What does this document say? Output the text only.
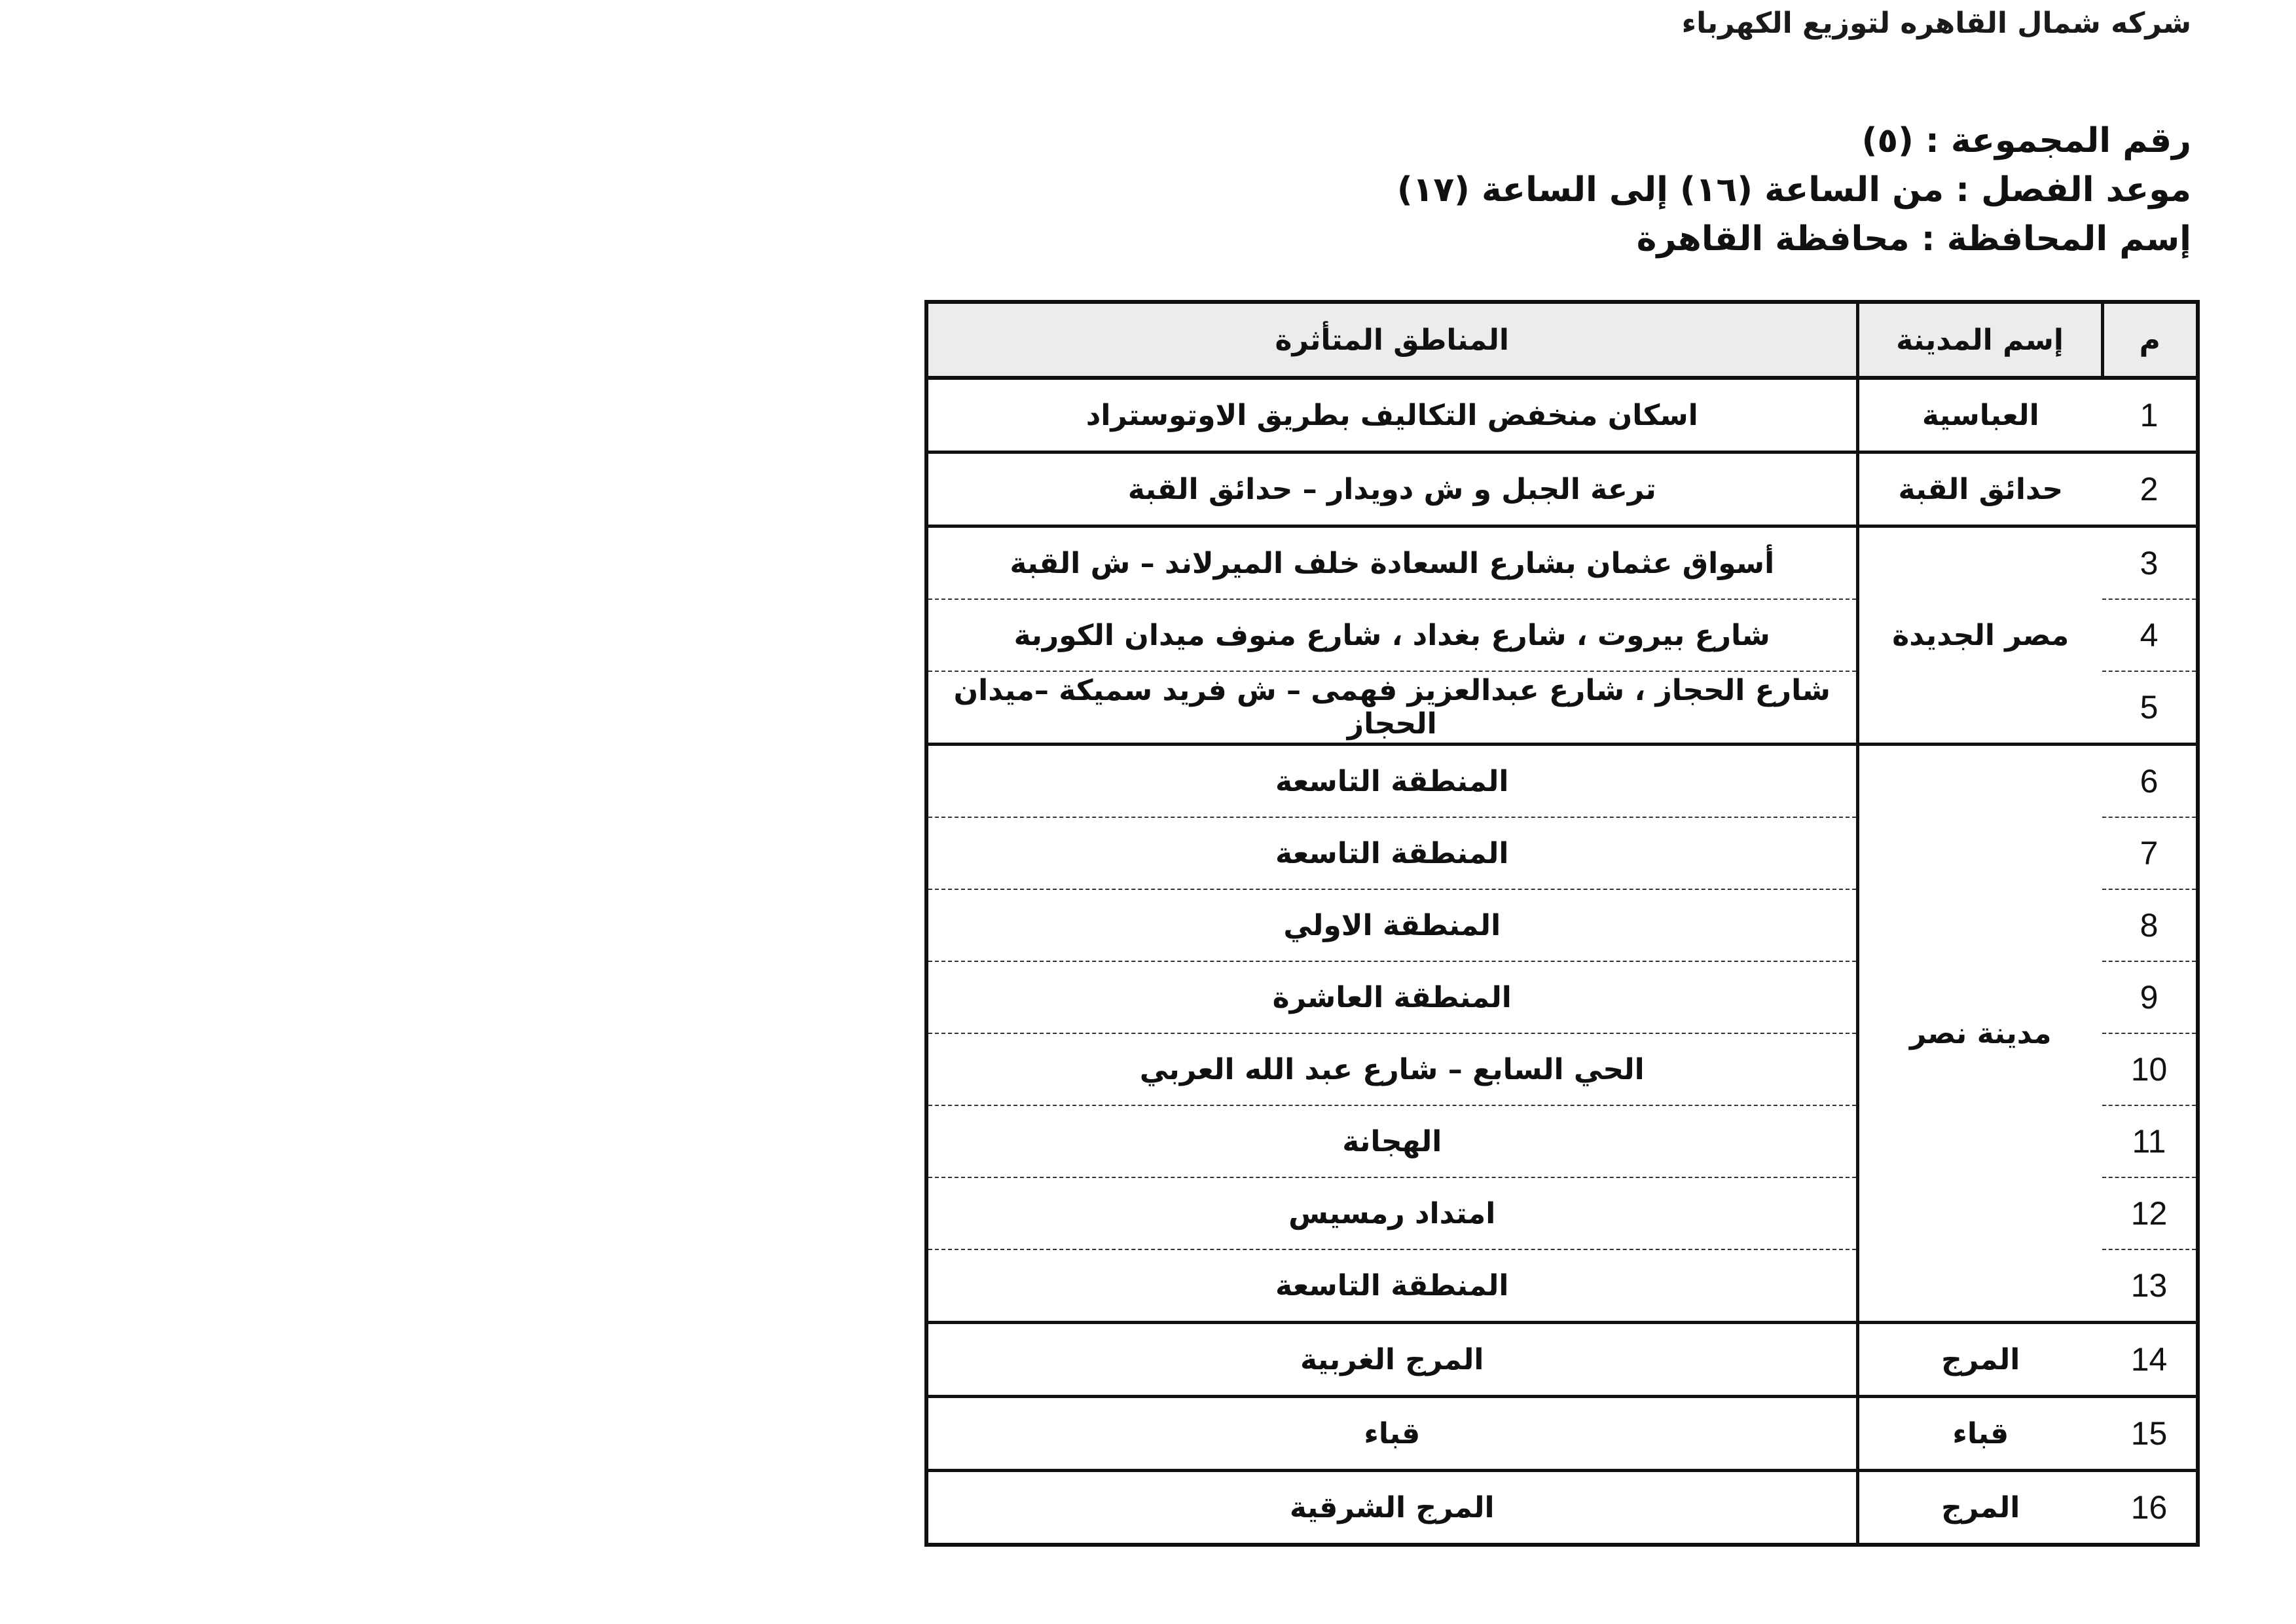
شركه شمال القاهره لتوزيع الكهرباء
رقم المجموعة : (٥)
موعد الفصل : من الساعة (١٦) إلى الساعة (١٧)
إسم المحافظة : محافظة القاهرة
م	إسم المدينة	المناطق المتأثرة
1	العباسية	اسكان منخفض التكاليف بطريق الاوتوستراد
2	حدائق القبة	ترعة الجبل و ش دويدار – حدائق القبة
3	مصر الجديدة	أسواق عثمان بشارع السعادة خلف الميرلاند – ش القبة
4		شارع بيروت ، شارع بغداد ، شارع منوف ميدان الكوربة
5		شارع الحجاز ، شارع عبدالعزيز فهمى – ش فريد سميكة –ميدان الحجاز
6	مدينة نصر	المنطقة التاسعة
7		المنطقة التاسعة
8		المنطقة الاولي
9		المنطقة العاشرة
10		الحي السابع – شارع عبد الله العربي
11		الهجانة
12		امتداد رمسيس
13		المنطقة التاسعة
14	المرج	المرج الغربية
15	قباء	قباء
16	المرج	المرج الشرقية
